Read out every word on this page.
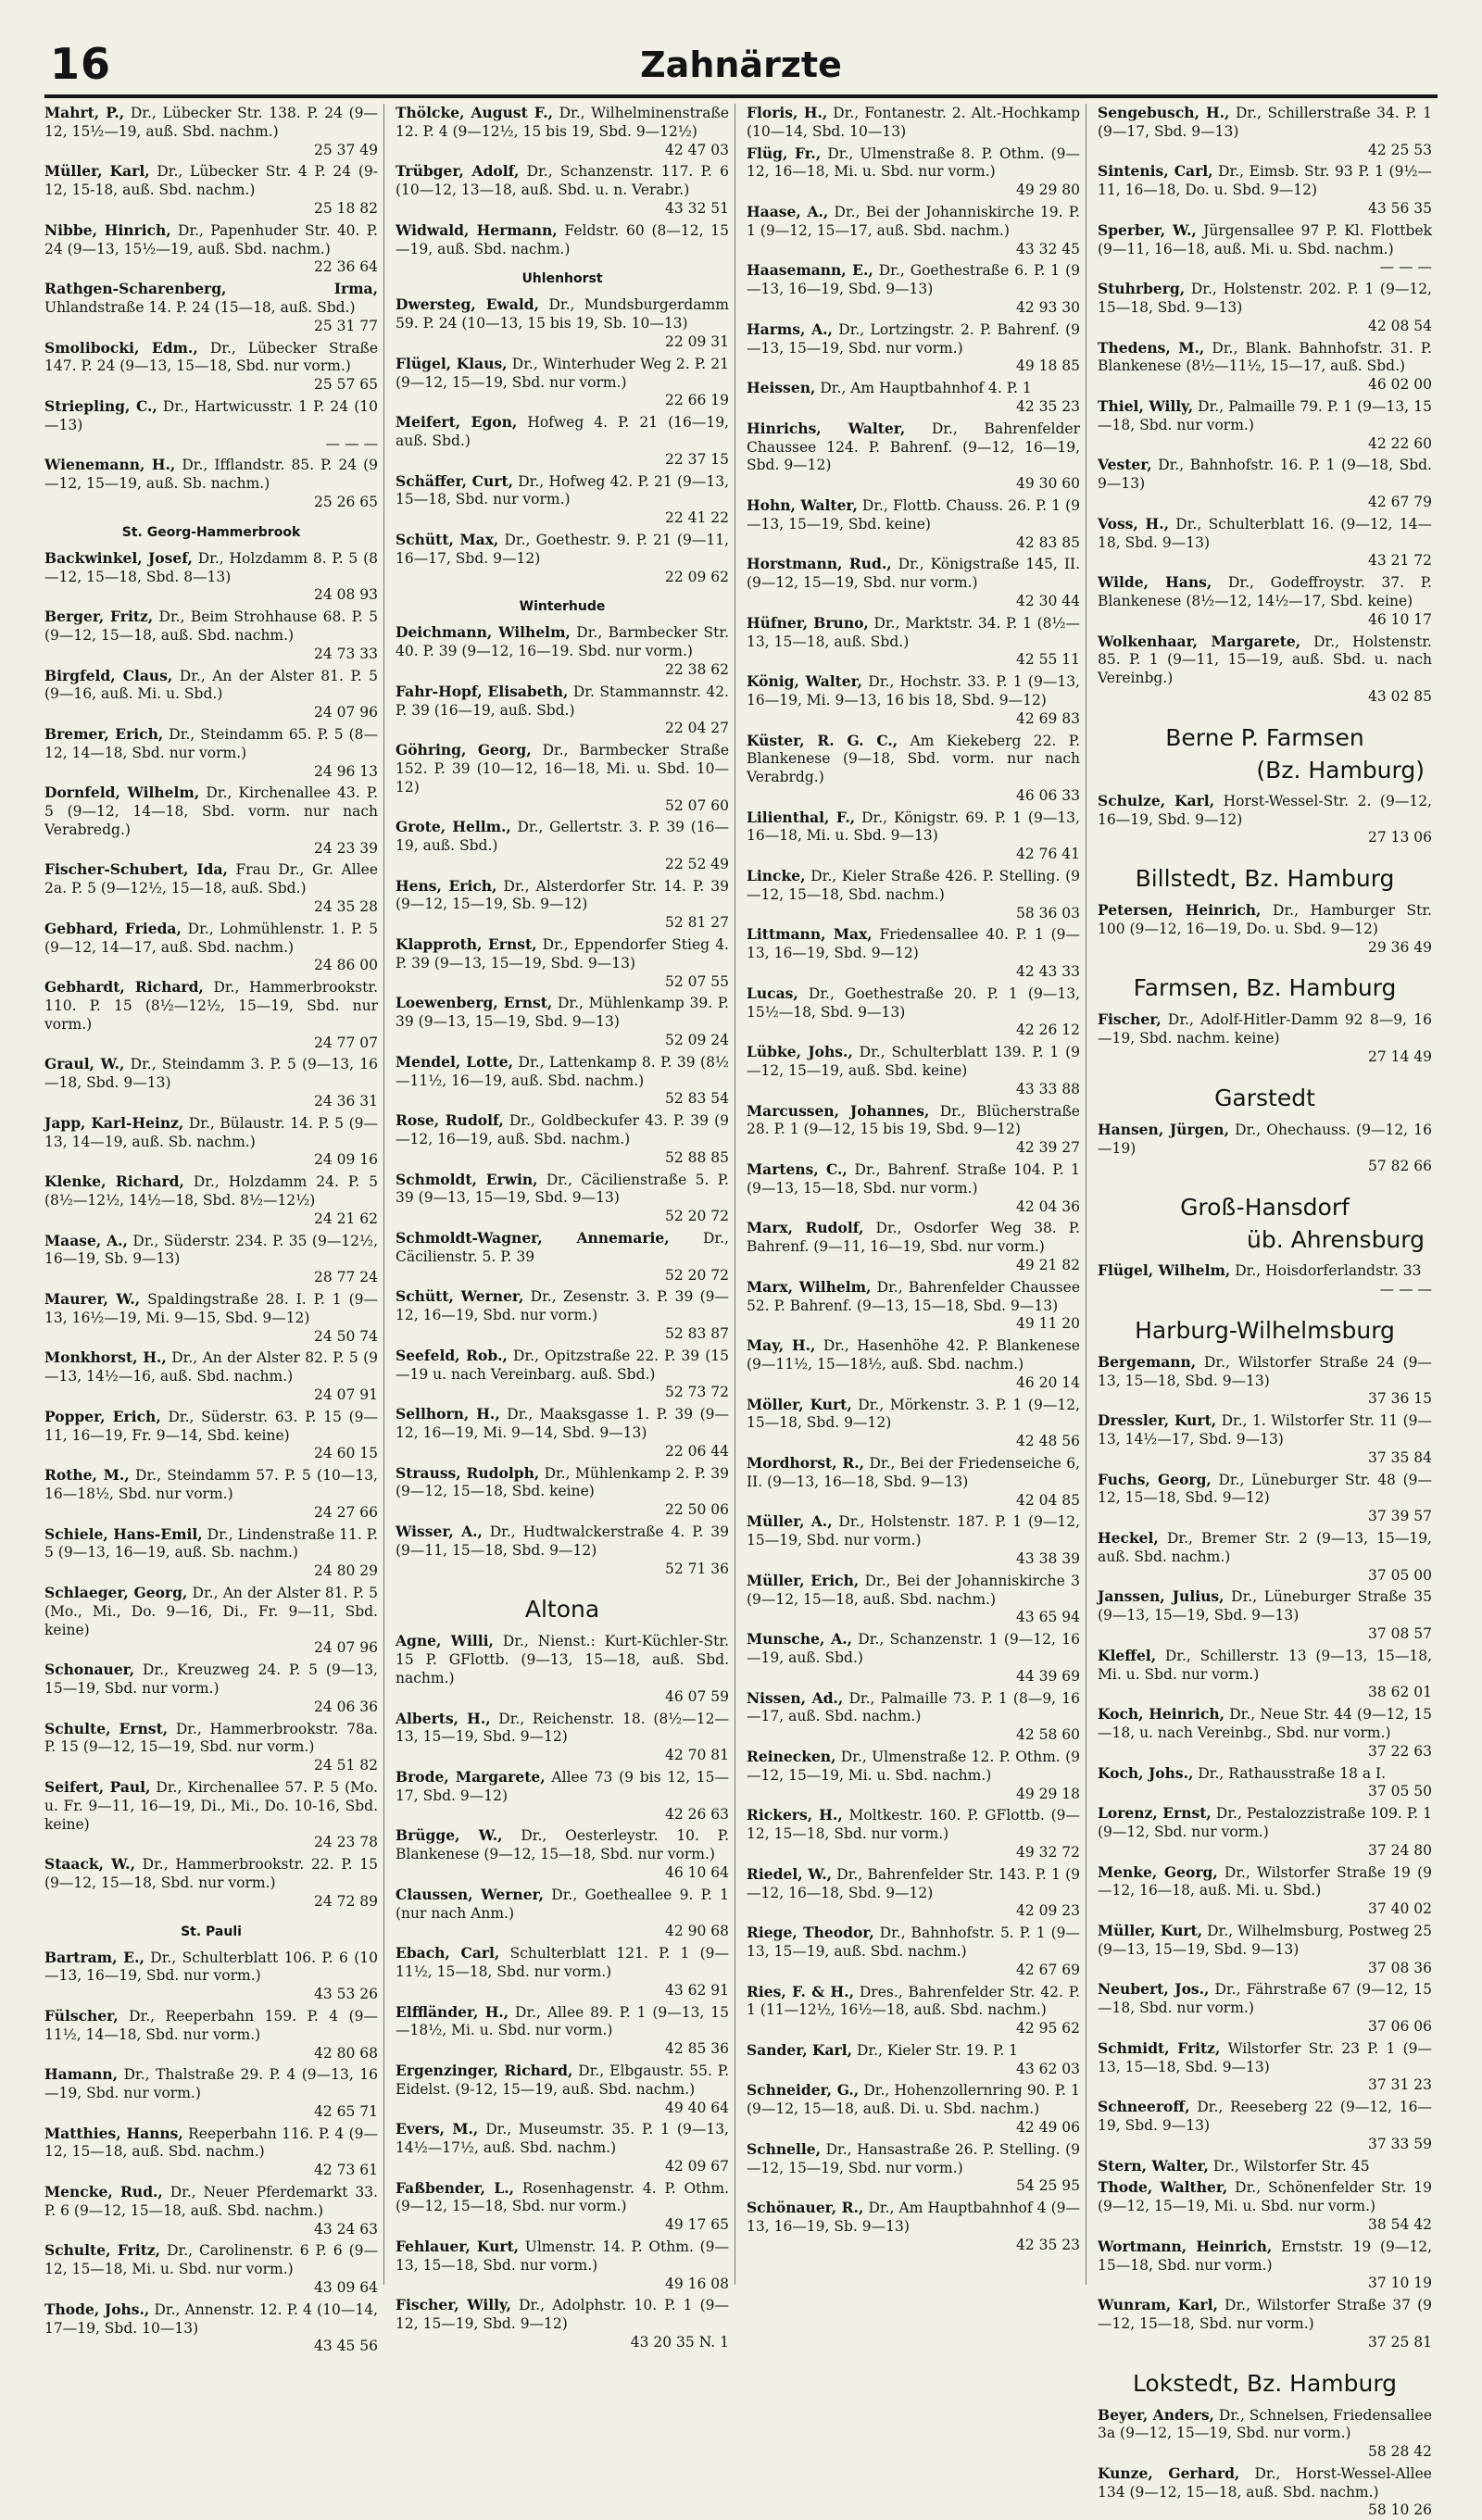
16	Zahnärzte
Mahrt, P., Dr., Lübecker Str. 138. P. 24 (9—12, 15½—19, auß. Sbd. nachm.)
25 37 49
Müller, Karl, Dr., Lübecker Str. 4 P. 24 (9-12, 15-18, auß. Sbd. nachm.)
25 18 82
Nibbe, Hinrich, Dr., Papenhuder Str. 40. P. 24 (9—13, 15½—19, auß. Sbd. nachm.)
22 36 64
Rathgen-Scharenberg, Irma, Uhlandstraße 14. P. 24 (15—18, auß. Sbd.)
25 31 77
Smolibocki, Edm., Dr., Lübecker Straße 147. P. 24 (9—13, 15—18, Sbd. nur vorm.)
25 57 65
Striepling, C., Dr., Hartwicusstr. 1 P. 24 (10—13)
— — —
Wienemann, H., Dr., Ifflandstr. 85. P. 24 (9—12, 15—19, auß. Sb. nachm.)
25 26 65
St. Georg-Hammerbrook
Backwinkel, Josef, Dr., Holzdamm 8. P. 5 (8—12, 15—18, Sbd. 8—13)
24 08 93
Berger, Fritz, Dr., Beim Strohhause 68. P. 5 (9—12, 15—18, auß. Sbd. nachm.)
24 73 33
Birgfeld, Claus, Dr., An der Alster 81. P. 5 (9—16, auß. Mi. u. Sbd.)
24 07 96
Bremer, Erich, Dr., Steindamm 65. P. 5 (8—12, 14—18, Sbd. nur vorm.)
24 96 13
Dornfeld, Wilhelm, Dr., Kirchenallee 43. P. 5 (9—12, 14—18, Sbd. vorm. nur nach Verabredg.)
24 23 39
Fischer-Schubert, Ida, Frau Dr., Gr. Allee 2a. P. 5 (9—12½, 15—18, auß. Sbd.)
24 35 28
Gebhard, Frieda, Dr., Lohmühlenstr. 1. P. 5 (9—12, 14—17, auß. Sbd. nachm.)
24 86 00
Gebhardt, Richard, Dr., Hammerbrookstr. 110. P. 15 (8½—12½, 15—19, Sbd. nur vorm.)
24 77 07
Graul, W., Dr., Steindamm 3. P. 5 (9—13, 16—18, Sbd. 9—13)
24 36 31
Japp, Karl-Heinz, Dr., Bülaustr. 14. P. 5 (9—13, 14—19, auß. Sb. nachm.)
24 09 16
Klenke, Richard, Dr., Holzdamm 24. P. 5 (8½—12½, 14½—18, Sbd. 8½—12½)
24 21 62
Maase, A., Dr., Süderstr. 234. P. 35 (9—12½, 16—19, Sb. 9—13)
28 77 24
Maurer, W., Spaldingstraße 28. I. P. 1 (9—13, 16½—19, Mi. 9—15, Sbd. 9—12)
24 50 74
Monkhorst, H., Dr., An der Alster 82. P. 5 (9—13, 14½—16, auß. Sbd. nachm.)
24 07 91
Popper, Erich, Dr., Süderstr. 63. P. 15 (9—11, 16—19, Fr. 9—14, Sbd. keine)
24 60 15
Rothe, M., Dr., Steindamm 57. P. 5 (10—13, 16—18½, Sbd. nur vorm.)
24 27 66
Schiele, Hans-Emil, Dr., Lindenstraße 11. P. 5 (9—13, 16—19, auß. Sb. nachm.)
24 80 29
Schlaeger, Georg, Dr., An der Alster 81. P. 5 (Mo., Mi., Do. 9—16, Di., Fr. 9—11, Sbd. keine)
24 07 96
Schonauer, Dr., Kreuzweg 24. P. 5 (9—13, 15—19, Sbd. nur vorm.)
24 06 36
Schulte, Ernst, Dr., Hammerbrookstr. 78a. P. 15 (9—12, 15—19, Sbd. nur vorm.)
24 51 82
Seifert, Paul, Dr., Kirchenallee 57. P. 5 (Mo. u. Fr. 9—11, 16—19, Di., Mi., Do. 10-16, Sbd. keine)
24 23 78
Staack, W., Dr., Hammerbrookstr. 22. P. 15 (9—12, 15—18, Sbd. nur vorm.)
24 72 89
St. Pauli
Bartram, E., Dr., Schulterblatt 106. P. 6 (10—13, 16—19, Sbd. nur vorm.)
43 53 26
Fülscher, Dr., Reeperbahn 159. P. 4 (9—11½, 14—18, Sbd. nur vorm.)
42 80 68
Hamann, Dr., Thalstraße 29. P. 4 (9—13, 16—19, Sbd. nur vorm.)
42 65 71
Matthies, Hanns, Reeperbahn 116. P. 4 (9—12, 15—18, auß. Sbd. nachm.)
42 73 61
Mencke, Rud., Dr., Neuer Pferdemarkt 33. P. 6 (9—12, 15—18, auß. Sbd. nachm.)
43 24 63
Schulte, Fritz, Dr., Carolinenstr. 6 P. 6 (9—12, 15—18, Mi. u. Sbd. nur vorm.)
43 09 64
Thode, Johs., Dr., Annenstr. 12. P. 4 (10—14, 17—19, Sbd. 10—13)
43 45 56
Thölcke, August F., Dr., Wilhelminenstraße 12. P. 4 (9—12½, 15 bis 19, Sbd. 9—12½)
42 47 03
Trübger, Adolf, Dr., Schanzenstr. 117. P. 6 (10—12, 13—18, auß. Sbd. u. n. Verabr.)
43 32 51
Widwald, Hermann, Feldstr. 60 (8—12, 15—19, auß. Sbd. nachm.)
Uhlenhorst
Dwersteg, Ewald, Dr., Mundsburgerdamm 59. P. 24 (10—13, 15 bis 19, Sb. 10—13)
22 09 31
Flügel, Klaus, Dr., Winterhuder Weg 2. P. 21 (9—12, 15—19, Sbd. nur vorm.)
22 66 19
Meifert, Egon, Hofweg 4. P. 21 (16—19, auß. Sbd.)
22 37 15
Schäffer, Curt, Dr., Hofweg 42. P. 21 (9—13, 15—18, Sbd. nur vorm.)
22 41 22
Schütt, Max, Dr., Goethestr. 9. P. 21 (9—11, 16—17, Sbd. 9—12)
22 09 62
Winterhude
Deichmann, Wilhelm, Dr., Barmbecker Str. 40. P. 39 (9—12, 16—19. Sbd. nur vorm.)
22 38 62
Fahr-Hopf, Elisabeth, Dr. Stammannstr. 42. P. 39 (16—19, auß. Sbd.)
22 04 27
Göhring, Georg, Dr., Barmbecker Straße 152. P. 39 (10—12, 16—18, Mi. u. Sbd. 10—12)
52 07 60
Grote, Hellm., Dr., Gellertstr. 3. P. 39 (16—19, auß. Sbd.)
22 52 49
Hens, Erich, Dr., Alsterdorfer Str. 14. P. 39 (9—12, 15—19, Sb. 9—12)
52 81 27
Klapproth, Ernst, Dr., Eppendorfer Stieg 4. P. 39 (9—13, 15—19, Sbd. 9—13)
52 07 55
Loewenberg, Ernst, Dr., Mühlenkamp 39. P. 39 (9—13, 15—19, Sbd. 9—13)
52 09 24
Mendel, Lotte, Dr., Lattenkamp 8. P. 39 (8½—11½, 16—19, auß. Sbd. nachm.)
52 83 54
Rose, Rudolf, Dr., Goldbeckufer 43. P. 39 (9—12, 16—19, auß. Sbd. nachm.)
52 88 85
Schmoldt, Erwin, Dr., Cäcilienstraße 5. P. 39 (9—13, 15—19, Sbd. 9—13)
52 20 72
Schmoldt-Wagner, Annemarie, Dr., Cäcilienstr. 5. P. 39
52 20 72
Schütt, Werner, Dr., Zesenstr. 3. P. 39 (9—12, 16—19, Sbd. nur vorm.)
52 83 87
Seefeld, Rob., Dr., Opitzstraße 22. P. 39 (15—19 u. nach Vereinbarg. auß. Sbd.)
52 73 72
Sellhorn, H., Dr., Maaksgasse 1. P. 39 (9—12, 16—19, Mi. 9—14, Sbd. 9—13)
22 06 44
Strauss, Rudolph, Dr., Mühlenkamp 2. P. 39 (9—12, 15—18, Sbd. keine)
22 50 06
Wisser, A., Dr., Hudtwalckerstraße 4. P. 39 (9—11, 15—18, Sbd. 9—12)
52 71 36
Altona
Agne, Willi, Dr., Nienst.: Kurt-Küchler-Str. 15 P. GFlottb. (9—13, 15—18, auß. Sbd. nachm.)
46 07 59
Alberts, H., Dr., Reichenstr. 18. (8½—12—13, 15—19, Sbd. 9—12)
42 70 81
Brode, Margarete, Allee 73 (9 bis 12, 15—17, Sbd. 9—12)
42 26 63
Brügge, W., Dr., Oesterleystr. 10. P. Blankenese (9—12, 15—18, Sbd. nur vorm.)
46 10 64
Claussen, Werner, Dr., Goetheallee 9. P. 1 (nur nach Anm.)
42 90 68
Ebach, Carl, Schulterblatt 121. P. 1 (9—11½, 15—18, Sbd. nur vorm.)
43 62 91
Elffländer, H., Dr., Allee 89. P. 1 (9—13, 15—18½, Mi. u. Sbd. nur vorm.)
42 85 36
Ergenzinger, Richard, Dr., Elbgaustr. 55. P. Eidelst. (9-12, 15—19, auß. Sbd. nachm.)
49 40 64
Evers, M., Dr., Museumstr. 35. P. 1 (9—13, 14½—17½, auß. Sbd. nachm.)
42 09 67
Faßbender, L., Rosenhagenstr. 4. P. Othm. (9—12, 15—18, Sbd. nur vorm.)
49 17 65
Fehlauer, Kurt, Ulmenstr. 14. P. Othm. (9—13, 15—18, Sbd. nur vorm.)
49 16 08
Fischer, Willy, Dr., Adolphstr. 10. P. 1 (9—12, 15—19, Sbd. 9—12)
43 20 35 N. 1
Floris, H., Dr., Fontanestr. 2. Alt.-Hochkamp (10—14, Sbd. 10—13)
Flüg, Fr., Dr., Ulmenstraße 8. P. Othm. (9—12, 16—18, Mi. u. Sbd. nur vorm.)
49 29 80
Haase, A., Dr., Bei der Johanniskirche 19. P. 1 (9—12, 15—17, auß. Sbd. nachm.)
43 32 45
Haasemann, E., Dr., Goethestraße 6. P. 1 (9—13, 16—19, Sbd. 9—13)
42 93 30
Harms, A., Dr., Lortzingstr. 2. P. Bahrenf. (9—13, 15—19, Sbd. nur vorm.)
49 18 85
Heissen, Dr., Am Hauptbahnhof 4. P. 1
42 35 23
Hinrichs, Walter, Dr., Bahrenfelder Chaussee 124. P. Bahrenf. (9—12, 16—19, Sbd. 9—12)
49 30 60
Hohn, Walter, Dr., Flottb. Chauss. 26. P. 1 (9—13, 15—19, Sbd. keine)
42 83 85
Horstmann, Rud., Dr., Königstraße 145, II. (9—12, 15—19, Sbd. nur vorm.)
42 30 44
Hüfner, Bruno, Dr., Marktstr. 34. P. 1 (8½—13, 15—18, auß. Sbd.)
42 55 11
König, Walter, Dr., Hochstr. 33. P. 1 (9—13, 16—19, Mi. 9—13, 16 bis 18, Sbd. 9—12)
42 69 83
Küster, R. G. C., Am Kiekeberg 22. P. Blankenese (9—18, Sbd. vorm. nur nach Verabrdg.)
46 06 33
Lilienthal, F., Dr., Königstr. 69. P. 1 (9—13, 16—18, Mi. u. Sbd. 9—13)
42 76 41
Lincke, Dr., Kieler Straße 426. P. Stelling. (9—12, 15—18, Sbd. nachm.)
58 36 03
Littmann, Max, Friedensallee 40. P. 1 (9—13, 16—19, Sbd. 9—12)
42 43 33
Lucas, Dr., Goethestraße 20. P. 1 (9—13, 15½—18, Sbd. 9—13)
42 26 12
Lübke, Johs., Dr., Schulterblatt 139. P. 1 (9—12, 15—19, auß. Sbd. keine)
43 33 88
Marcussen, Johannes, Dr., Blücherstraße 28. P. 1 (9—12, 15 bis 19, Sbd. 9—12)
42 39 27
Martens, C., Dr., Bahrenf. Straße 104. P. 1 (9—13, 15—18, Sbd. nur vorm.)
42 04 36
Marx, Rudolf, Dr., Osdorfer Weg 38. P. Bahrenf. (9—11, 16—19, Sbd. nur vorm.)
49 21 82
Marx, Wilhelm, Dr., Bahrenfelder Chaussee 52. P. Bahrenf. (9—13, 15—18, Sbd. 9—13)
49 11 20
May, H., Dr., Hasenhöhe 42. P. Blankenese (9—11½, 15—18½, auß. Sbd. nachm.)
46 20 14
Möller, Kurt, Dr., Mörkenstr. 3. P. 1 (9—12, 15—18, Sbd. 9—12)
42 48 56
Mordhorst, R., Dr., Bei der Friedenseiche 6, II. (9—13, 16—18, Sbd. 9—13)
42 04 85
Müller, A., Dr., Holstenstr. 187. P. 1 (9—12, 15—19, Sbd. nur vorm.)
43 38 39
Müller, Erich, Dr., Bei der Johanniskirche 3 (9—12, 15—18, auß. Sbd. nachm.)
43 65 94
Munsche, A., Dr., Schanzenstr. 1 (9—12, 16—19, auß. Sbd.)
44 39 69
Nissen, Ad., Dr., Palmaille 73. P. 1 (8—9, 16—17, auß. Sbd. nachm.)
42 58 60
Reinecken, Dr., Ulmenstraße 12. P. Othm. (9—12, 15—19, Mi. u. Sbd. nachm.)
49 29 18
Rickers, H., Moltkestr. 160. P. GFlottb. (9—12, 15—18, Sbd. nur vorm.)
49 32 72
Riedel, W., Dr., Bahrenfelder Str. 143. P. 1 (9—12, 16—18, Sbd. 9—12)
42 09 23
Riege, Theodor, Dr., Bahnhofstr. 5. P. 1 (9—13, 15—19, auß. Sbd. nachm.)
42 67 69
Ries, F. & H., Dres., Bahrenfelder Str. 42. P. 1 (11—12½, 16½—18, auß. Sbd. nachm.)
42 95 62
Sander, Karl, Dr., Kieler Str. 19. P. 1
43 62 03
Schneider, G., Dr., Hohenzollernring 90. P. 1 (9—12, 15—18, auß. Di. u. Sbd. nachm.)
42 49 06
Schnelle, Dr., Hansastraße 26. P. Stelling. (9—12, 15—19, Sbd. nur vorm.)
54 25 95
Schönauer, R., Dr., Am Hauptbahnhof 4 (9—13, 16—19, Sb. 9—13)
42 35 23
Sengebusch, H., Dr., Schillerstraße 34. P. 1 (9—17, Sbd. 9—13)
42 25 53
Sintenis, Carl, Dr., Eimsb. Str. 93 P. 1 (9½—11, 16—18, Do. u. Sbd. 9—12)
43 56 35
Sperber, W., Jürgensallee 97 P. Kl. Flottbek (9—11, 16—18, auß. Mi. u. Sbd. nachm.)
— — —
Stuhrberg, Dr., Holstenstr. 202. P. 1 (9—12, 15—18, Sbd. 9—13)
42 08 54
Thedens, M., Dr., Blank. Bahnhofstr. 31. P. Blankenese (8½—11½, 15—17, auß. Sbd.)
46 02 00
Thiel, Willy, Dr., Palmaille 79. P. 1 (9—13, 15—18, Sbd. nur vorm.)
42 22 60
Vester, Dr., Bahnhofstr. 16. P. 1 (9—18, Sbd. 9—13)
42 67 79
Voss, H., Dr., Schulterblatt 16. (9—12, 14—18, Sbd. 9—13)
43 21 72
Wilde, Hans, Dr., Godeffroystr. 37. P. Blankenese (8½—12, 14½—17, Sbd. keine)
46 10 17
Wolkenhaar, Margarete, Dr., Holstenstr. 85. P. 1 (9—11, 15—19, auß. Sbd. u. nach Vereinbg.)
43 02 85
Berne P. Farmsen
(Bz. Hamburg)
Schulze, Karl, Horst-Wessel-Str. 2. (9—12, 16—19, Sbd. 9—12)
27 13 06
Billstedt, Bz. Hamburg
Petersen, Heinrich, Dr., Hamburger Str. 100 (9—12, 16—19, Do. u. Sbd. 9—12)
29 36 49
Farmsen, Bz. Hamburg
Fischer, Dr., Adolf-Hitler-Damm 92 8—9, 16—19, Sbd. nachm. keine)
27 14 49
Garstedt
Hansen, Jürgen, Dr., Ohechauss. (9—12, 16—19)
57 82 66
Groß-Hansdorf
üb. Ahrensburg
Flügel, Wilhelm, Dr., Hoisdorferlandstr. 33
— — —
Harburg-Wilhelmsburg
Bergemann, Dr., Wilstorfer Straße 24 (9—13, 15—18, Sbd. 9—13)
37 36 15
Dressler, Kurt, Dr., 1. Wilstorfer Str. 11 (9—13, 14½—17, Sbd. 9—13)
37 35 84
Fuchs, Georg, Dr., Lüneburger Str. 48 (9—12, 15—18, Sbd. 9—12)
37 39 57
Heckel, Dr., Bremer Str. 2 (9—13, 15—19, auß. Sbd. nachm.)
37 05 00
Janssen, Julius, Dr., Lüneburger Straße 35 (9—13, 15—19, Sbd. 9—13)
37 08 57
Kleffel, Dr., Schillerstr. 13 (9—13, 15—18, Mi. u. Sbd. nur vorm.)
38 62 01
Koch, Heinrich, Dr., Neue Str. 44 (9—12, 15—18, u. nach Vereinbg., Sbd. nur vorm.)
37 22 63
Koch, Johs., Dr., Rathausstraße 18 a I.
37 05 50
Lorenz, Ernst, Dr., Pestalozzistraße 109. P. 1 (9—12, Sbd. nur vorm.)
37 24 80
Menke, Georg, Dr., Wilstorfer Straße 19 (9—12, 16—18, auß. Mi. u. Sbd.)
37 40 02
Müller, Kurt, Dr., Wilhelmsburg, Postweg 25 (9—13, 15—19, Sbd. 9—13)
37 08 36
Neubert, Jos., Dr., Fährstraße 67 (9—12, 15—18, Sbd. nur vorm.)
37 06 06
Schmidt, Fritz, Wilstorfer Str. 23 P. 1 (9—13, 15—18, Sbd. 9—13)
37 31 23
Schneeroff, Dr., Reeseberg 22 (9—12, 16—19, Sbd. 9—13)
37 33 59
Stern, Walter, Dr., Wilstorfer Str. 45
Thode, Walther, Dr., Schönenfelder Str. 19 (9—12, 15—19, Mi. u. Sbd. nur vorm.)
38 54 42
Wortmann, Heinrich, Ernststr. 19 (9—12, 15—18, Sbd. nur vorm.)
37 10 19
Wunram, Karl, Dr., Wilstorfer Straße 37 (9—12, 15—18, Sbd. nur vorm.)
37 25 81
Lokstedt, Bz. Hamburg
Beyer, Anders, Dr., Schnelsen, Friedensallee 3a (9—12, 15—19, Sbd. nur vorm.)
58 28 42
Kunze, Gerhard, Dr., Horst-Wessel-Allee 134 (9—12, 15—18, auß. Sbd. nachm.)
58 10 26
